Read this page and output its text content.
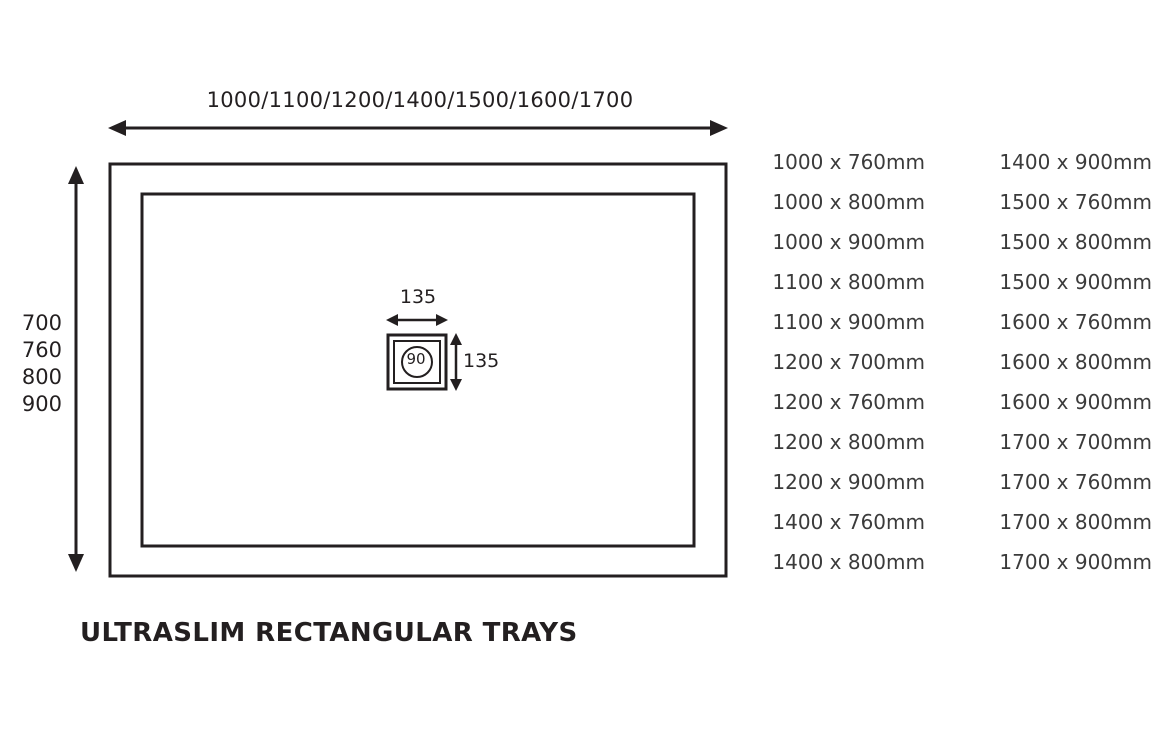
1000/1100/1200/1400/1500/1600/1700
700
760
800
900
135
135
90
ULTRASLIM RECTANGULAR TRAYS
1000 x 760mm
1000 x 800mm
1000 x 900mm
1100 x 800mm
1100 x 900mm
1200 x 700mm
1200 x 760mm
1200 x 800mm
1200 x 900mm
1400 x 760mm
1400 x 800mm
1400 x 900mm
1500 x 760mm
1500 x 800mm
1500 x 900mm
1600 x 760mm
1600 x 800mm
1600 x 900mm
1700 x 700mm
1700 x 760mm
1700 x 800mm
1700 x 900mm
